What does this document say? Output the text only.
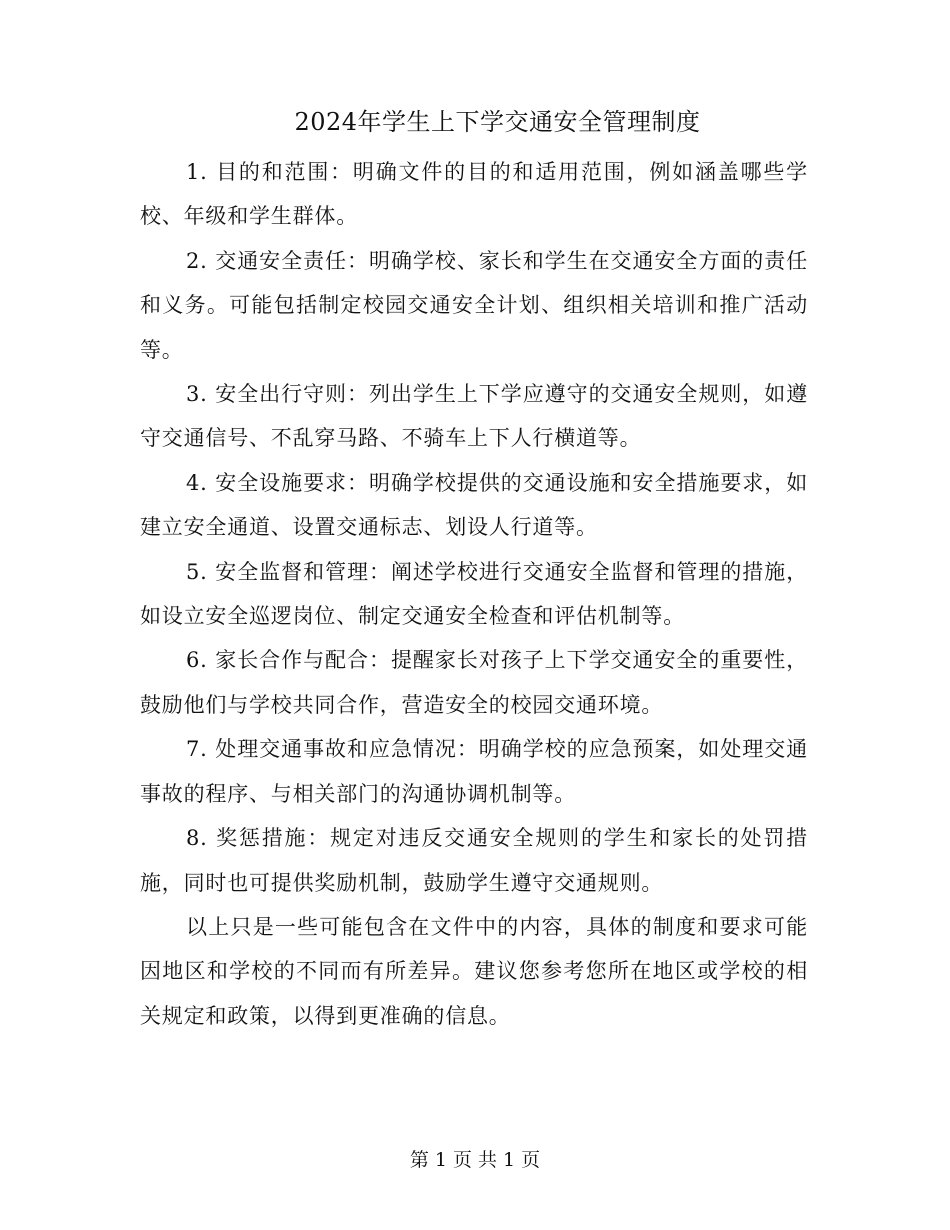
2024年学生上下学交通安全管理制度

1. 目的和范围：明确文件的目的和适用范围，例如涵盖哪些学校、年级和学生群体。

2. 交通安全责任：明确学校、家长和学生在交通安全方面的责任和义务。可能包括制定校园交通安全计划、组织相关培训和推广活动等。

3. 安全出行守则：列出学生上下学应遵守的交通安全规则，如遵守交通信号、不乱穿马路、不骑车上下人行横道等。

4. 安全设施要求：明确学校提供的交通设施和安全措施要求，如建立安全通道、设置交通标志、划设人行道等。

5. 安全监督和管理：阐述学校进行交通安全监督和管理的措施，如设立安全巡逻岗位、制定交通安全检查和评估机制等。

6. 家长合作与配合：提醒家长对孩子上下学交通安全的重要性，鼓励他们与学校共同合作，营造安全的校园交通环境。

7. 处理交通事故和应急情况：明确学校的应急预案，如处理交通事故的程序、与相关部门的沟通协调机制等。

8. 奖惩措施：规定对违反交通安全规则的学生和家长的处罚措施，同时也可提供奖励机制，鼓励学生遵守交通规则。

以上只是一些可能包含在文件中的内容，具体的制度和要求可能因地区和学校的不同而有所差异。建议您参考您所在地区或学校的相关规定和政策，以得到更准确的信息。

第 1 页 共 1 页
